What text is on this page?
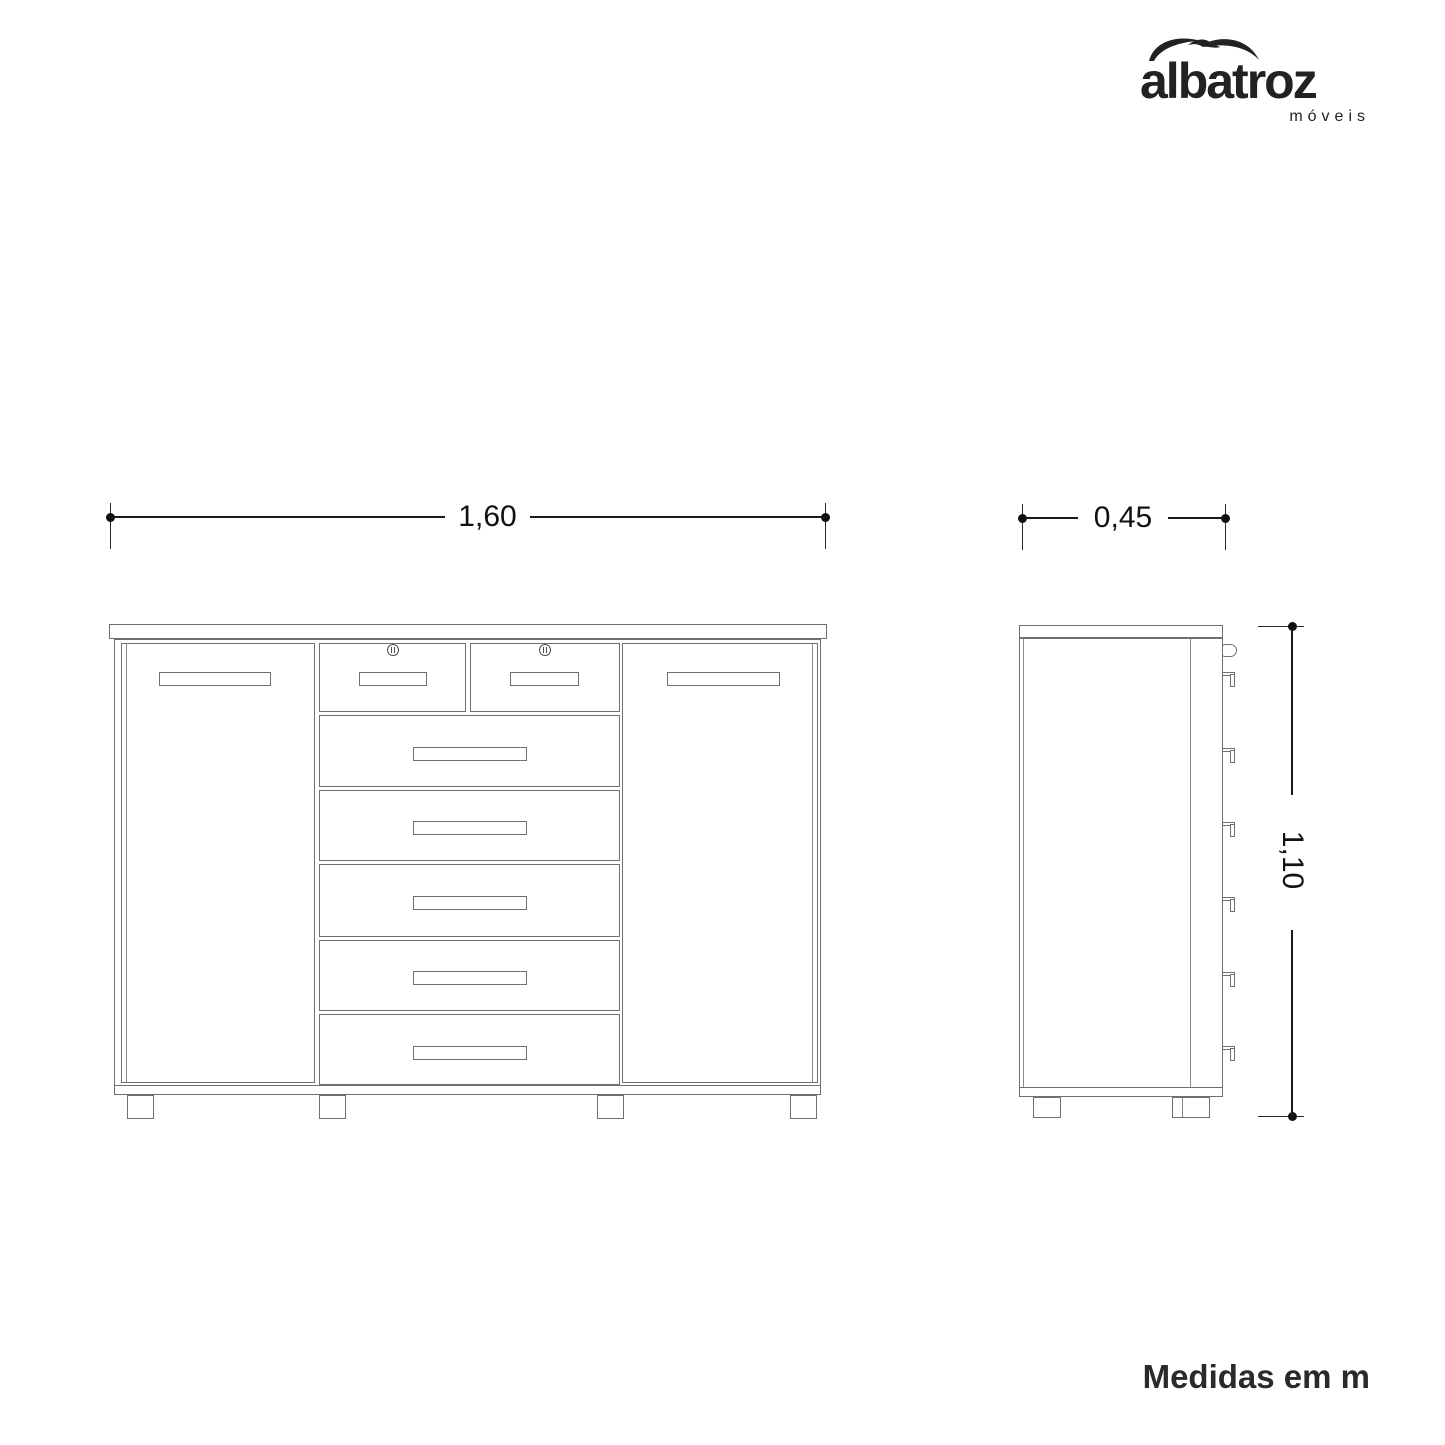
albatroz
móveis
1,60	0,45
1,10
Medidas em m
